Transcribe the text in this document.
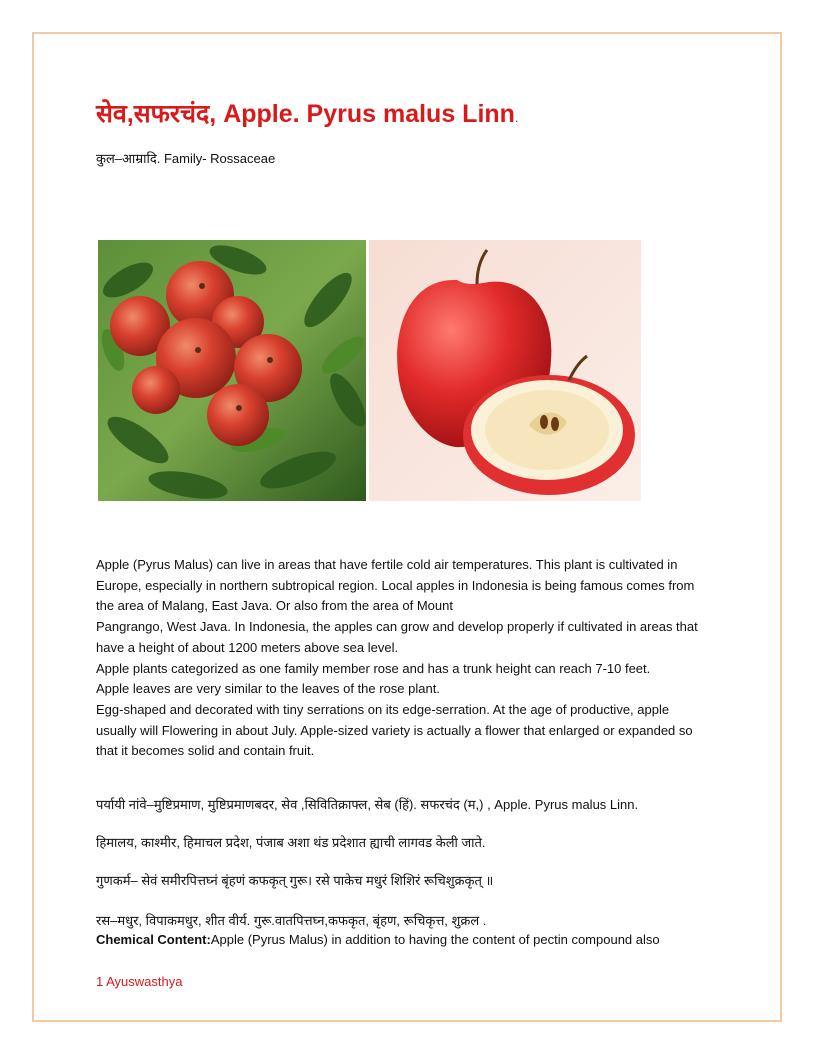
सेव,सफरचंद, Apple. Pyrus malus Linn.
कुल–आम्रादि. Family- Rossaceae
Apple (Pyrus Malus) can live in areas that have fertile cold air temperatures. This plant is cultivated in
Europe, especially in northern subtropical region. Local apples in Indonesia is being famous comes from
the area of Malang, East Java. Or also from the area of Mount
Pangrango, West Java. In Indonesia, the apples can grow and develop properly if cultivated in areas that
have a height of about 1200 meters above sea level.
Apple plants categorized as one family member rose and has a trunk height can reach 7-10 feet.
Apple leaves are very similar to the leaves of the rose plant.
Egg-shaped and decorated with tiny serrations on its edge-serration. At the age of productive, apple
usually will Flowering in about July. Apple-sized variety is actually a flower that enlarged or expanded so
that it becomes solid and contain fruit.
पर्यायी नांवे–मुष्टिप्रमाण, मुष्टिप्रमाणबदर, सेव ,सिवितिक्राफ्ल, सेब (हिं). सफरचंद (म,) , Apple. Pyrus malus Linn.
हिमालय, काश्मीर, हिमाचल प्रदेश, पंजाब अशा थंड प्रदेशात ह्याची लागवड केली जाते.
गुणकर्म– सेवं समीरपित्तघ्नं बृंहणं कफकृत् गुरू। रसे पाकेच मधुरं शिशिरं रूचिशुक्रकृत् ॥
रस–मधुर, विपाकमधुर, शीत वीर्य. गुरू.वातपित्तघ्न,कफकृत, बृंहण, रूचिकृत्त, शुक्रल .
Chemical Content:Apple (Pyrus Malus) in addition to having the content of pectin compound also
1 Ayuswasthya
